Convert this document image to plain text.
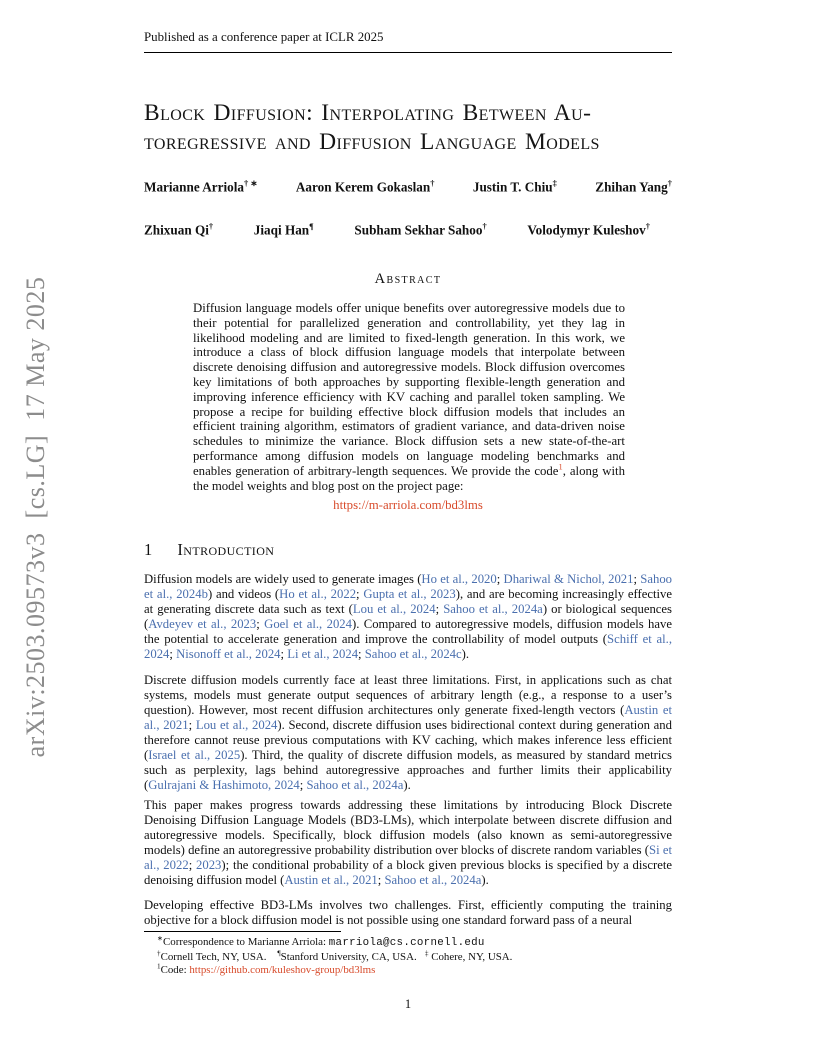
arXiv:2503.09573v3  [cs.LG]  17 May 2025
Published as a conference paper at ICLR 2025
Block Diffusion: Interpolating Between Au-
toregressive and Diffusion Language Models
Marianne Arriola† ∗	Aaron Kerem Gokaslan†	Justin T. Chiu‡	Zhihan Yang†
Zhixuan Qi†	Jiaqi Han¶	Subham Sekhar Sahoo†	Volodymyr Kuleshov†
Abstract
Diffusion language models offer unique benefits over autoregressive models due to their potential for parallelized generation and controllability, yet they lag in likelihood modeling and are limited to fixed-length generation. In this work, we introduce a class of block diffusion language models that interpolate between discrete denoising diffusion and autoregressive models. Block diffusion overcomes key limitations of both approaches by supporting flexible-length generation and improving inference efficiency with KV caching and parallel token sampling. We propose a recipe for building effective block diffusion models that includes an efficient training algorithm, estimators of gradient variance, and data-driven noise schedules to minimize the variance. Block diffusion sets a new state-of-the-art performance among diffusion models on language modeling benchmarks and enables generation of arbitrary-length sequences. We provide the code$^1$, along with the model weights and blog post on the project page:
https://m-arriola.com/bd3lms
1 Introduction
Diffusion models are widely used to generate images (Ho et al., 2020; Dhariwal & Nichol, 2021; Sahoo et al., 2024b) and videos (Ho et al., 2022; Gupta et al., 2023), and are becoming increasingly effective at generating discrete data such as text (Lou et al., 2024; Sahoo et al., 2024a) or biological sequences (Avdeyev et al., 2023; Goel et al., 2024). Compared to autoregressive models, diffusion models have the potential to accelerate generation and improve the controllability of model outputs (Schiff et al., 2024; Nisonoff et al., 2024; Li et al., 2024; Sahoo et al., 2024c).
Discrete diffusion models currently face at least three limitations. First, in applications such as chat systems, models must generate output sequences of arbitrary length (e.g., a response to a user’s question). However, most recent diffusion architectures only generate fixed-length vectors (Austin et al., 2021; Lou et al., 2024). Second, discrete diffusion uses bidirectional context during generation and therefore cannot reuse previous computations with KV caching, which makes inference less efficient (Israel et al., 2025). Third, the quality of discrete diffusion models, as measured by standard metrics such as perplexity, lags behind autoregressive approaches and further limits their applicability (Gulrajani & Hashimoto, 2024; Sahoo et al., 2024a).
This paper makes progress towards addressing these limitations by introducing Block Discrete Denoising Diffusion Language Models (BD3-LMs), which interpolate between discrete diffusion and autoregressive models. Specifically, block diffusion models (also known as semi-autoregressive models) define an autoregressive probability distribution over blocks of discrete random variables (Si et al., 2022; 2023); the conditional probability of a block given previous blocks is specified by a discrete denoising diffusion model (Austin et al., 2021; Sahoo et al., 2024a).
Developing effective BD3-LMs involves two challenges. First, efficiently computing the training objective for a block diffusion model is not possible using one standard forward pass of a neural

∗Correspondence to Marianne Arriola: marriola@cs.cornell.edu

†Cornell Tech, NY, USA. ¶Stanford University, CA, USA.  ‡ Cohere, NY, USA.

$^1$Code: https://github.com/kuleshov-group/bd3lms

1
